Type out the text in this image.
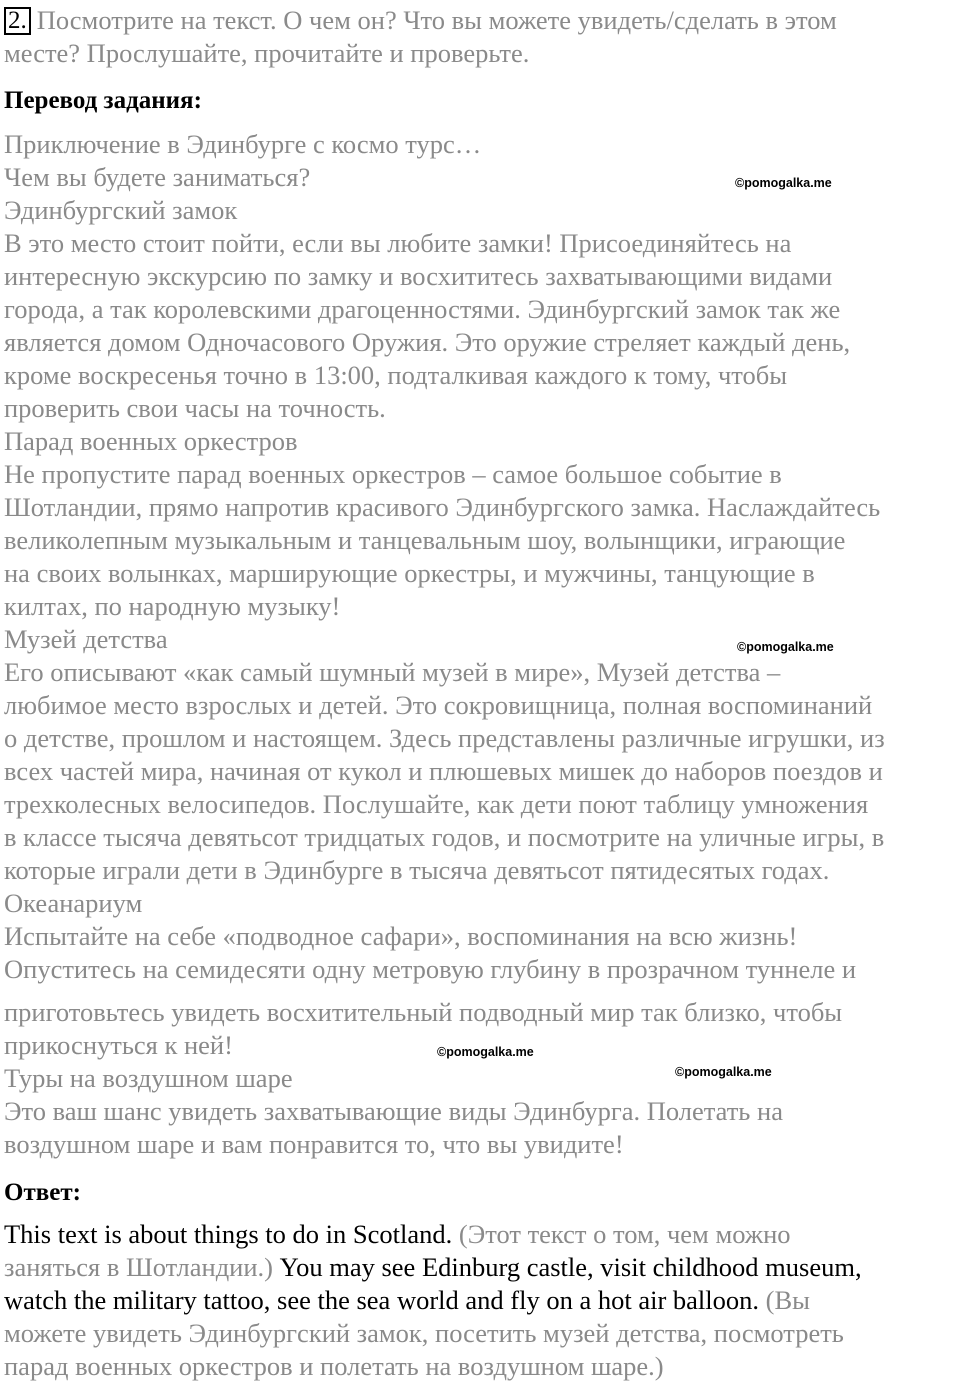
2. Посмотрите на текст. О чем он? Что вы можете увидеть/сделать в этом
месте? Прослушайте, прочитайте и проверьте.
Перевод задания:
Приключение в Эдинбурге с космо турс…
Чем вы будете заниматься?
Эдинбургский замок
В это место стоит пойти, если вы любите замки! Присоединяйтесь на
интересную экскурсию по замку и восхититесь захватывающими видами
города, а так королевскими драгоценностями. Эдинбургский замок так же
является домом Одночасового Оружия. Это оружие стреляет каждый день,
кроме воскресенья точно в 13:00, подталкивая каждого к тому, чтобы
проверить свои часы на точность.
Парад военных оркестров
Не пропустите парад военных оркестров – самое большое событие в
Шотландии, прямо напротив красивого Эдинбургского замка. Наслаждайтесь
великолепным музыкальным и танцевальным шоу, волынщики, играющие
на своих волынках, марширующие оркестры, и мужчины, танцующие в
килтах, по народную музыку!
Музей детства
Его описывают «как самый шумный музей в мире», Музей детства –
любимое место взрослых и детей. Это сокровищница, полная воспоминаний
о детстве, прошлом и настоящем. Здесь представлены различные игрушки, из
всех частей мира, начиная от кукол и плюшевых мишек до наборов поездов и
трехколесных велосипедов. Послушайте, как дети поют таблицу умножения
в классе тысяча девятьсот тридцатых годов, и посмотрите на уличные игры, в
которые играли дети в Эдинбурге в тысяча девятьсот пятидесятых годах.
Океанариум
Испытайте на себе «подводное сафари», воспоминания на всю жизнь!
Опуститесь на семидесяти одну метровую глубину в прозрачном туннеле и
приготовьтесь увидеть восхитительный подводный мир так близко, чтобы
прикоснуться к ней!
Туры на воздушном шаре
Это ваш шанс увидеть захватывающие виды Эдинбурга. Полетать на
воздушном шаре и вам понравится то, что вы увидите!
Ответ:
This text is about things to do in Scotland. (Этот текст о том, чем можно
заняться в Шотландии.) You may see Edinburg castle, visit childhood museum,
watch the military tattoo, see the sea world and fly on a hot air balloon. (Вы
можете увидеть Эдинбургский замок, посетить музей детства, посмотреть
парад военных оркестров и полетать на воздушном шаре.)
©pomogalka.me
©pomogalka.me
©pomogalka.me
©pomogalka.me
